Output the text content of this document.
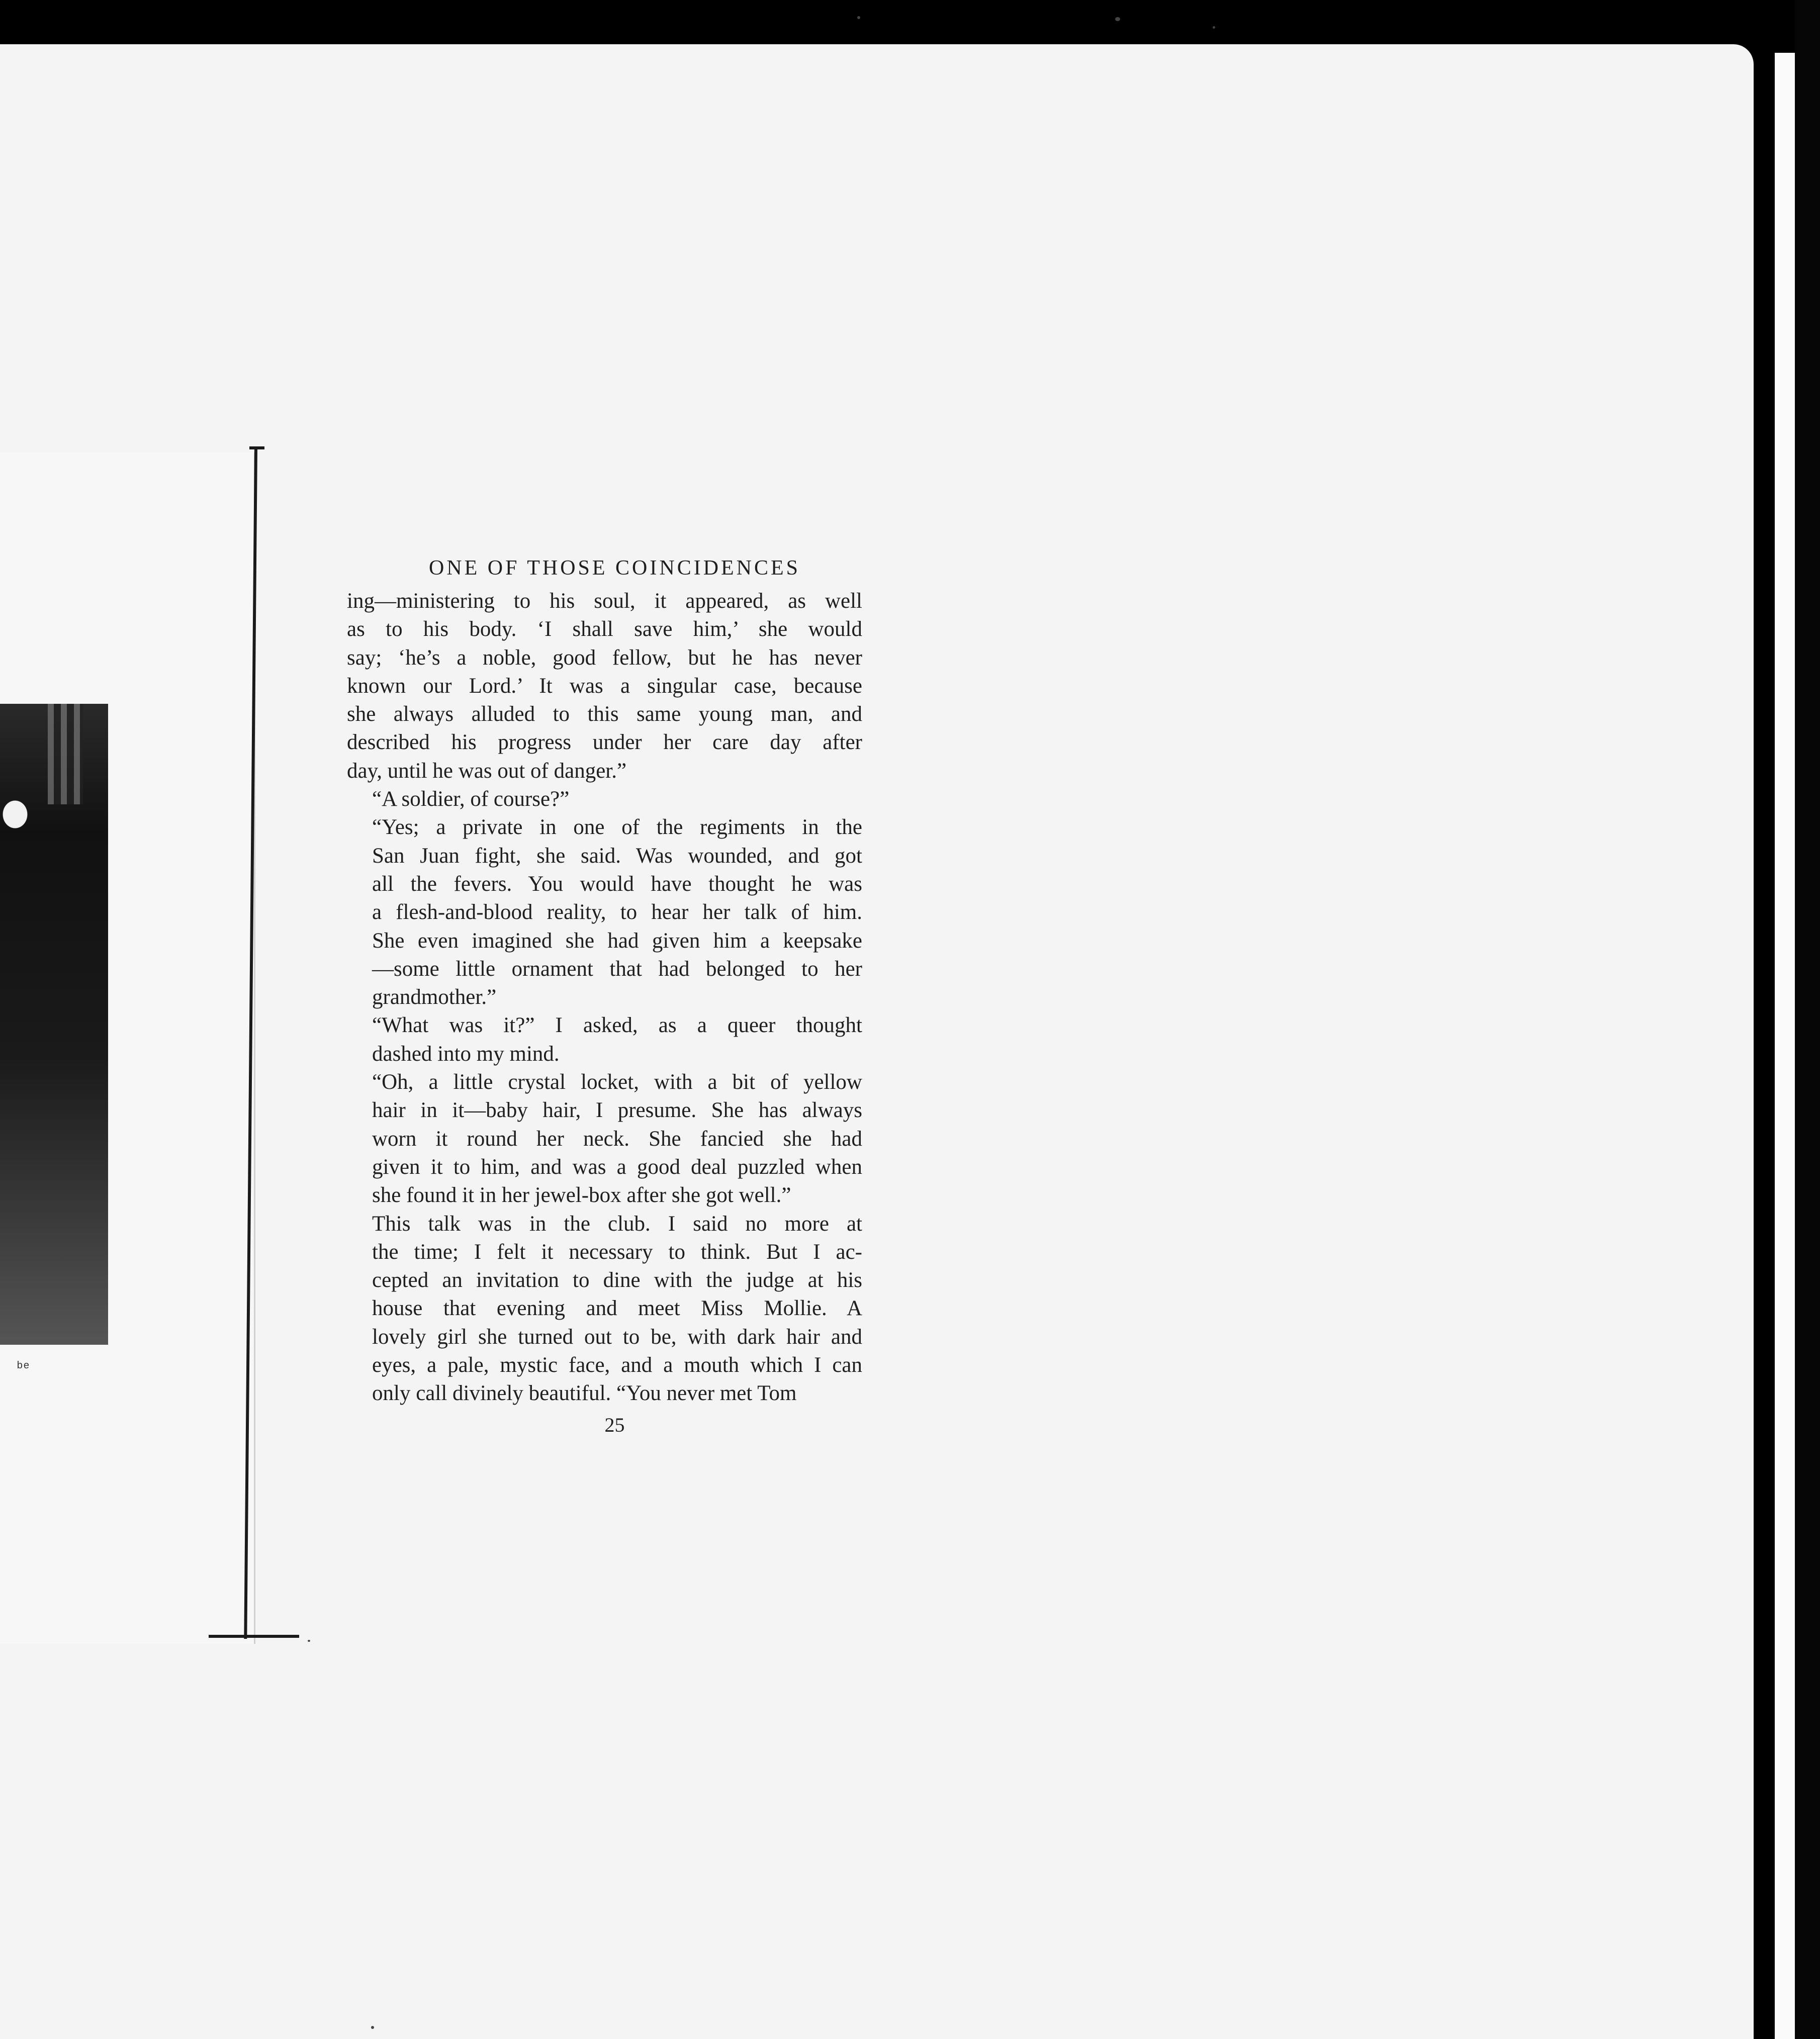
be
ONE OF THOSE COINCIDENCES
ing—ministering to his soul, it appeared, as well
as to his body. ‘I shall save him,’ she would
say; ‘he’s a noble, good fellow, but he has never
known our Lord.’ It was a singular case, because
she always alluded to this same young man, and
described his progress under her care day after
day, until he was out of danger.”
“A soldier, of course?”
“Yes; a private in one of the regiments in the
San Juan fight, she said. Was wounded, and got
all the fevers. You would have thought he was
a flesh-and-blood reality, to hear her talk of him.
She even imagined she had given him a keepsake
—some little ornament that had belonged to her
grandmother.”
“What was it?” I asked, as a queer thought
dashed into my mind.
“Oh, a little crystal locket, with a bit of yellow
hair in it—baby hair, I presume. She has always
worn it round her neck. She fancied she had
given it to him, and was a good deal puzzled when
she found it in her jewel-box after she got well.”
This talk was in the club. I said no more at
the time; I felt it necessary to think. But I ac-
cepted an invitation to dine with the judge at his
house that evening and meet Miss Mollie. A
lovely girl she turned out to be, with dark hair and
eyes, a pale, mystic face, and a mouth which I can
only call divinely beautiful. “You never met Tom
25
